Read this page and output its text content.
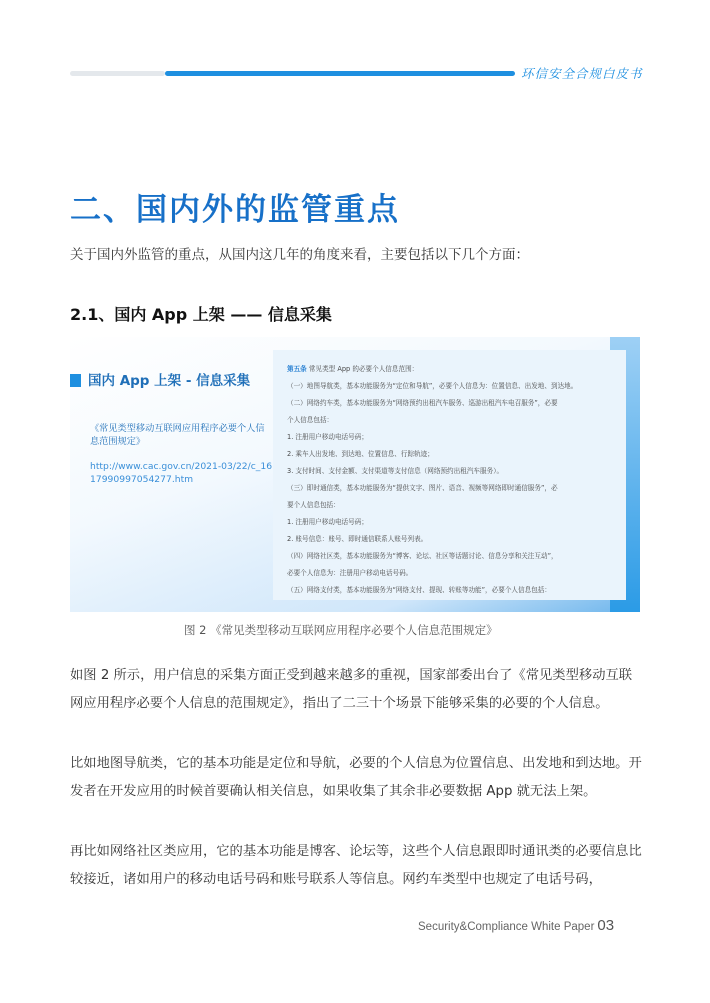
环信安全合规白皮书
二、国内外的监管重点
关于国内外监管的重点，从国内这几年的角度来看，主要包括以下几个方面：
2.1、国内 App 上架 —— 信息采集
国内 App 上架 - 信息采集
《常见类型移动互联网应用程序必要个人信息范围规定》
http://www.cac.gov.cn/2021-03/22/c_1617990997054277.htm
第五条 常见类型 App 的必要个人信息范围：
（一）地图导航类，基本功能服务为“定位和导航”，必要个人信息为：位置信息、出发地、到达地。
（二）网络约车类，基本功能服务为“网络预约出租汽车服务、巡游出租汽车电召服务”，必要
个人信息包括：
1. 注册用户移动电话号码；
2. 乘车人出发地、到达地、位置信息、行踪轨迹；
3. 支付时间、支付金额、支付渠道等支付信息（网络预约出租汽车服务）。
（三）即时通信类，基本功能服务为“提供文字、图片、语音、视频等网络即时通信服务”，必
要个人信息包括：
1. 注册用户移动电话号码；
2. 账号信息：账号、即时通信联系人账号列表。
（四）网络社区类，基本功能服务为“博客、论坛、社区等话题讨论、信息分享和关注互动”，
必要个人信息为：注册用户移动电话号码。
（五）网络支付类，基本功能服务为“网络支付、提现、转账等功能”，必要个人信息包括：
图 2 《常见类型移动互联网应用程序必要个人信息范围规定》
如图 2 所示，用户信息的采集方面正受到越来越多的重视，国家部委出台了《常见类型移动互联网应用程序必要个人信息的范围规定》，指出了二三十个场景下能够采集的必要的个人信息。
比如地图导航类，它的基本功能是定位和导航，必要的个人信息为位置信息、出发地和到达地。开发者在开发应用的时候首要确认相关信息，如果收集了其余非必要数据 App 就无法上架。
再比如网络社区类应用，它的基本功能是博客、论坛等，这些个人信息跟即时通讯类的必要信息比较接近，诸如用户的移动电话号码和账号联系人等信息。网约车类型中也规定了电话号码，
Security&Compliance White Paper 03
